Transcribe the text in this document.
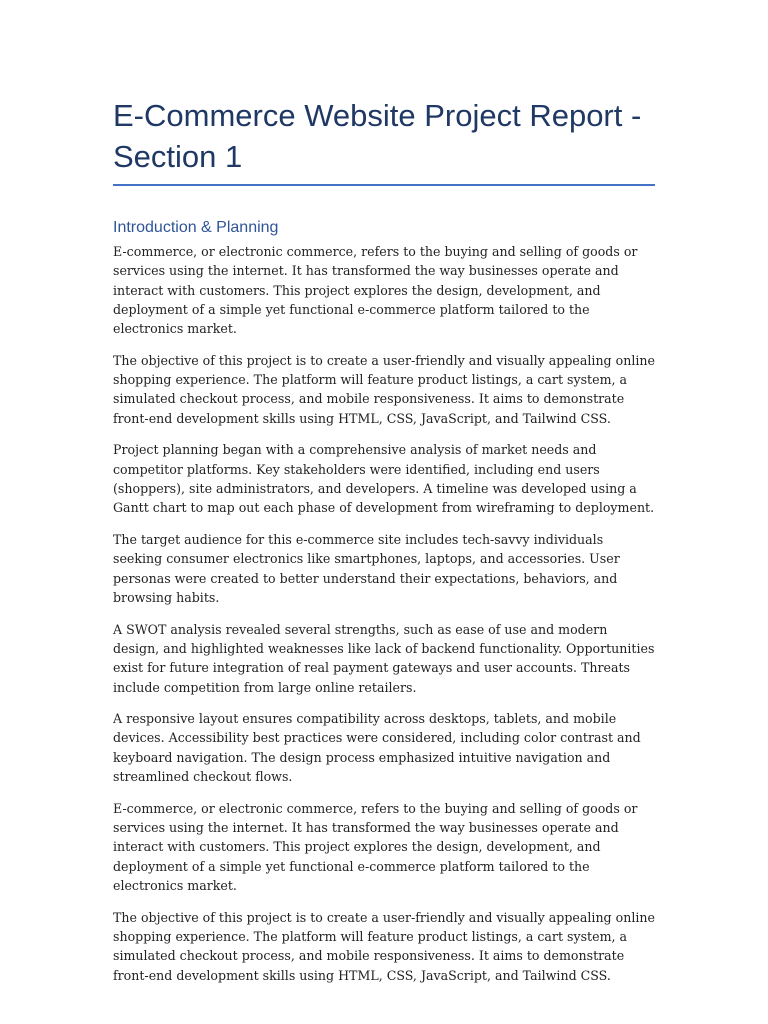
E-Commerce Website Project Report - Section 1
Introduction & Planning

E-commerce, or electronic commerce, refers to the buying and selling of goods or services using the internet. It has transformed the way businesses operate and interact with customers. This project explores the design, development, and deployment of a simple yet functional e-commerce platform tailored to the electronics market.

The objective of this project is to create a user-friendly and visually appealing online shopping experience. The platform will feature product listings, a cart system, a simulated checkout process, and mobile responsiveness. It aims to demonstrate front-end development skills using HTML, CSS, JavaScript, and Tailwind CSS.

Project planning began with a comprehensive analysis of market needs and competitor platforms. Key stakeholders were identified, including end users (shoppers), site administrators, and developers. A timeline was developed using a Gantt chart to map out each phase of development from wireframing to deployment.

The target audience for this e-commerce site includes tech-savvy individuals seeking consumer electronics like smartphones, laptops, and accessories. User personas were created to better understand their expectations, behaviors, and browsing habits.

A SWOT analysis revealed several strengths, such as ease of use and modern design, and highlighted weaknesses like lack of backend functionality. Opportunities exist for future integration of real payment gateways and user accounts. Threats include competition from large online retailers.

A responsive layout ensures compatibility across desktops, tablets, and mobile devices. Accessibility best practices were considered, including color contrast and keyboard navigation. The design process emphasized intuitive navigation and streamlined checkout flows.

E-commerce, or electronic commerce, refers to the buying and selling of goods or services using the internet. It has transformed the way businesses operate and interact with customers. This project explores the design, development, and deployment of a simple yet functional e-commerce platform tailored to the electronics market.

The objective of this project is to create a user-friendly and visually appealing online shopping experience. The platform will feature product listings, a cart system, a simulated checkout process, and mobile responsiveness. It aims to demonstrate front-end development skills using HTML, CSS, JavaScript, and Tailwind CSS.
